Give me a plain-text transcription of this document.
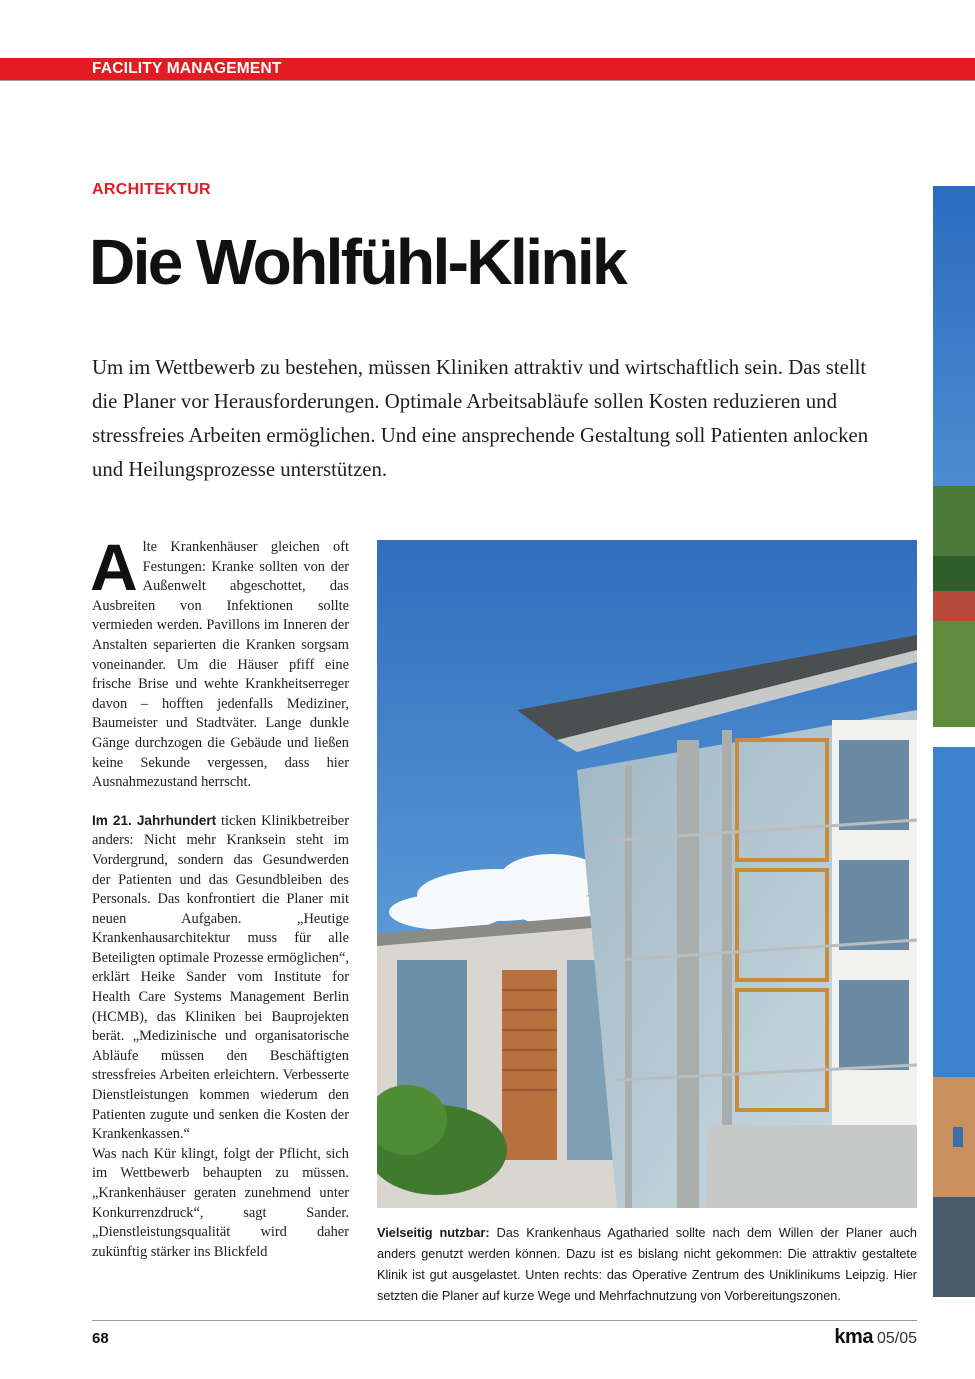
FACILITY MANAGEMENT
ARCHITEKTUR
Die Wohlfühl-Klinik

Um im Wettbewerb zu bestehen, müssen Kliniken attraktiv und wirtschaftlich sein. Das stellt die Planer vor Herausforderungen. Optimale Arbeitsabläufe sollen Kosten reduzieren und stressfreies Arbeiten ermöglichen. Und eine ansprechende Gestaltung soll Patienten anlocken und Heilungsprozesse unterstützen.

Alte Krankenhäuser gleichen oft Festungen: Kranke sollten von der Außenwelt abgeschottet, das Ausbreiten von Infektionen sollte vermieden werden. Pavillons im Inneren der Anstalten separierten die Kranken sorgsam voneinander. Um die Häuser pfiff eine frische Brise und wehte Krankheitserreger davon – hofften jedenfalls Mediziner, Baumeister und Stadtväter. Lange dunkle Gänge durchzogen die Gebäude und ließen keine Sekunde vergessen, dass hier Ausnahmezustand herrscht.

Im 21. Jahrhundert ticken Klinikbetreiber anders: Nicht mehr Kranksein steht im Vordergrund, sondern das Gesundwerden der Patienten und das Gesundbleiben des Personals. Das konfrontiert die Planer mit neuen Aufgaben. „Heutige Krankenhausarchitektur muss für alle Beteiligten optimale Prozesse ermöglichen“, erklärt Heike Sander vom Institute for Health Care Systems Management Berlin (HCMB), das Kliniken bei Bauprojekten berät. „Medizinische und organisatorische Abläufe müssen den Beschäftigten stressfreies Arbeiten erleichtern. Verbesserte Dienstleistungen kommen wiederum den Patienten zugute und senken die Kosten der Krankenkassen.“

Was nach Kür klingt, folgt der Pflicht, sich im Wettbewerb behaupten zu müssen. „Krankenhäuser geraten zunehmend unter Konkurrenzdruck“, sagt Sander. „Dienstleistungsqualität wird daher zukünftig stärker ins Blickfeld

Vielseitig nutzbar: Das Krankenhaus Agatharied sollte nach dem Willen der Planer auch anders genutzt werden können. Dazu ist es bislang nicht gekommen: Die attraktiv gestaltete Klinik ist gut ausgelastet. Unten rechts: das Operative Zentrum des Uniklinikums Leipzig. Hier setzten die Planer auf kurze Wege und Mehrfachnutzung von Vorbereitungszonen.

68	kma 05/05
